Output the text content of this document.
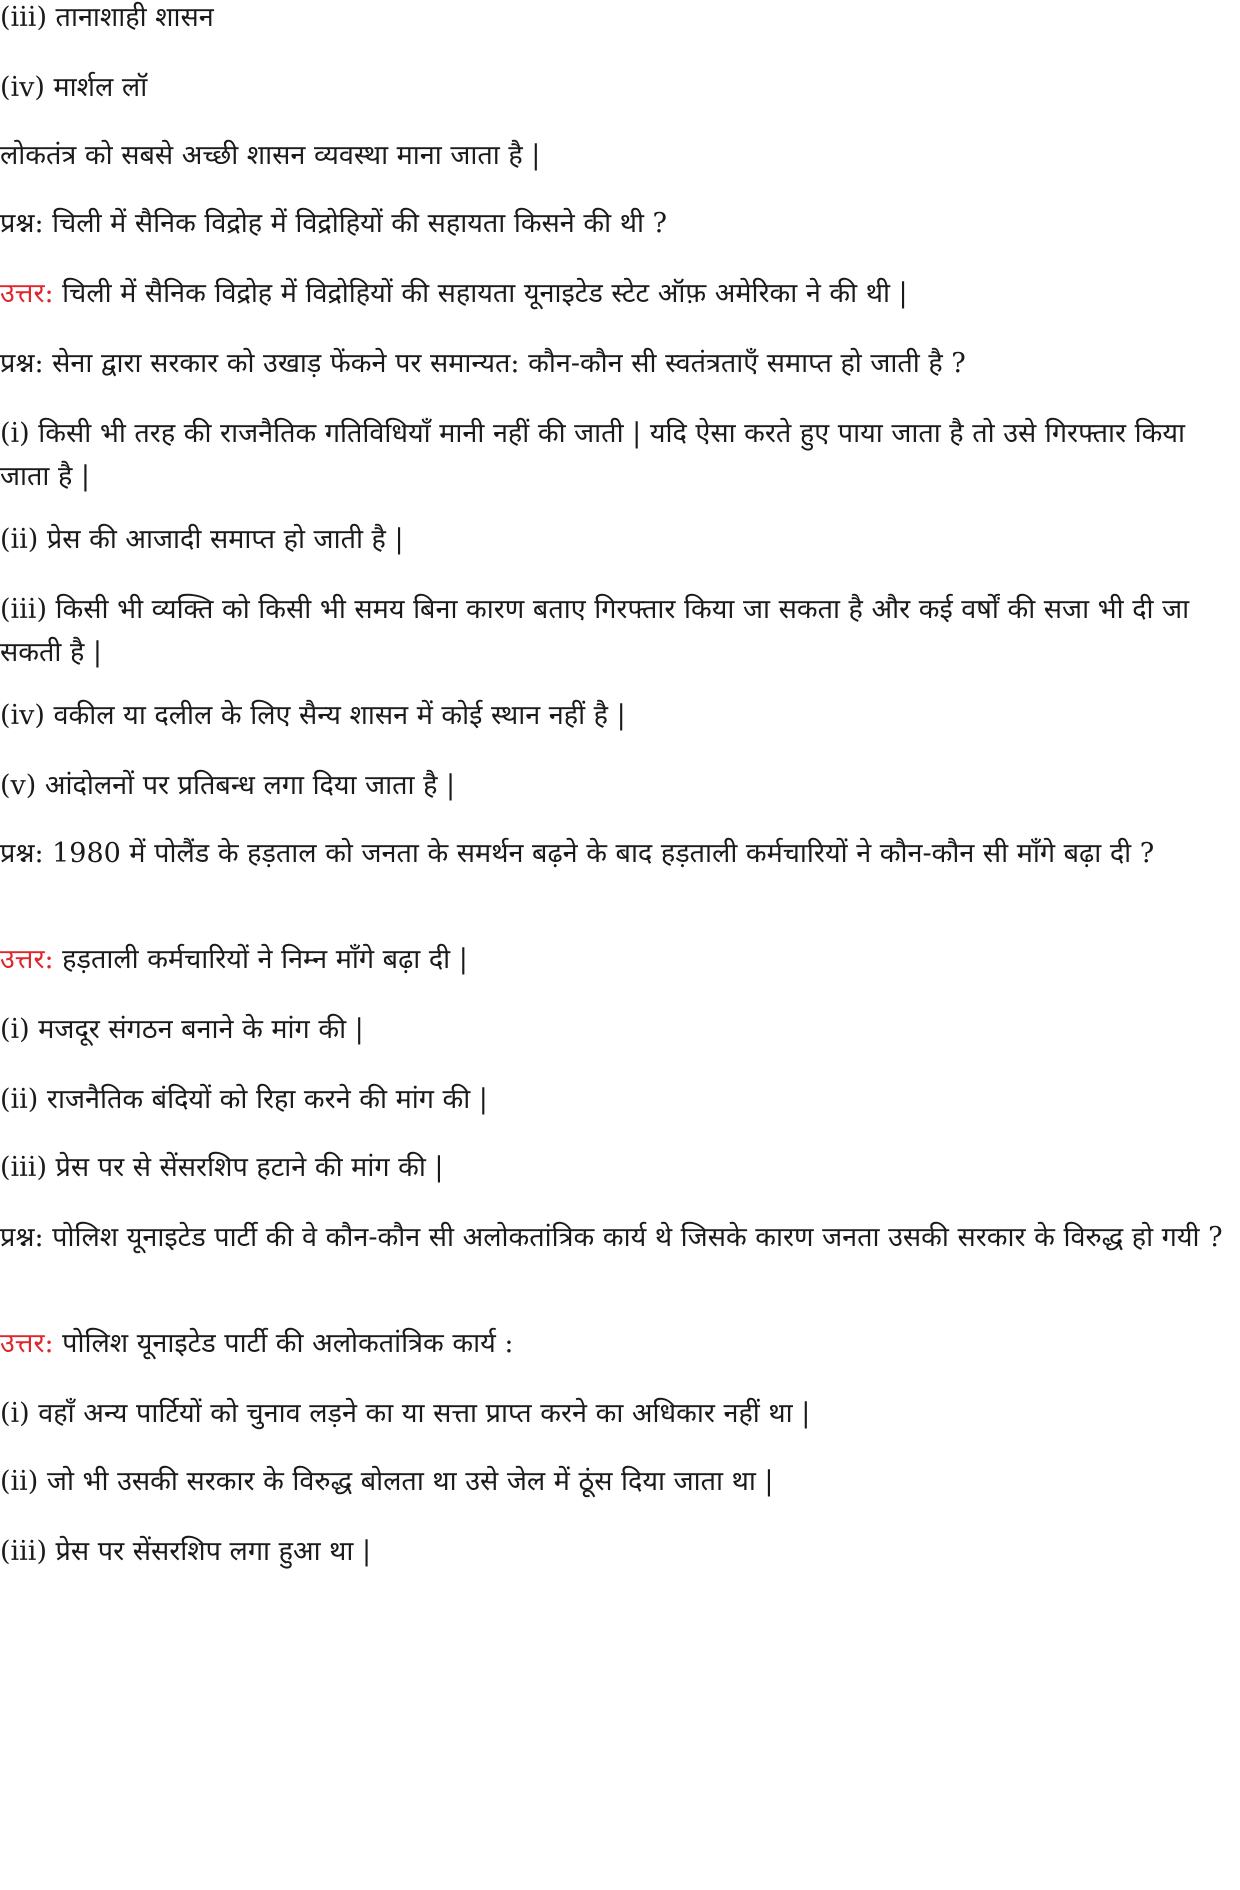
(iii) तानाशाही शासन

(iv) मार्शल लॉ

लोकतंत्र को सबसे अच्छी शासन व्यवस्था माना जाता है |

प्रश्न: चिली में सैनिक विद्रोह में विद्रोहियों की सहायता किसने की थी ?

उत्तर: चिली में सैनिक विद्रोह में विद्रोहियों की सहायता यूनाइटेड स्टेट ऑफ़ अमेरिका ने की थी |

प्रश्न: सेना द्वारा सरकार को उखाड़ फेंकने पर समान्यत: कौन-कौन सी स्वतंत्रताएँ समाप्त हो जाती है ?

(i) किसी भी तरह की राजनैतिक गतिविधियाँ मानी नहीं की जाती | यदि ऐसा करते हुए पाया जाता है तो उसे गिरफ्तार किया जाता है |

(ii) प्रेस की आजादी समाप्त हो जाती है |

(iii) किसी भी व्यक्ति को किसी भी समय बिना कारण बताए गिरफ्तार किया जा सकता है और कई वर्षों की सजा भी दी जा सकती है |

(iv) वकील या दलील के लिए सैन्य शासन में कोई स्थान नहीं है |

(v) आंदोलनों पर प्रतिबन्ध लगा दिया जाता है |

प्रश्न: 1980 में पोलैंड के हड़ताल को जनता के समर्थन बढ़ने के बाद हड़ताली कर्मचारियों ने कौन-कौन सी माँगे बढ़ा दी ?

उत्तर: हड़ताली कर्मचारियों ने निम्न माँगे बढ़ा दी |

(i) मजदूर संगठन बनाने के मांग की |

(ii) राजनैतिक बंदियों को रिहा करने की मांग की |

(iii) प्रेस पर से सेंसरशिप हटाने की मांग की |

प्रश्न: पोलिश यूनाइटेड पार्टी की वे कौन-कौन सी अलोकतांत्रिक कार्य थे जिसके कारण जनता उसकी सरकार के विरुद्ध हो गयी ?

उत्तर: पोलिश यूनाइटेड पार्टी की अलोकतांत्रिक कार्य :

(i) वहाँ अन्य पार्टियों को चुनाव लड़ने का या सत्ता प्राप्त करने का अधिकार नहीं था |

(ii) जो भी उसकी सरकार के विरुद्ध बोलता था उसे जेल में ठूंस दिया जाता था |

(iii) प्रेस पर सेंसरशिप लगा हुआ था |
